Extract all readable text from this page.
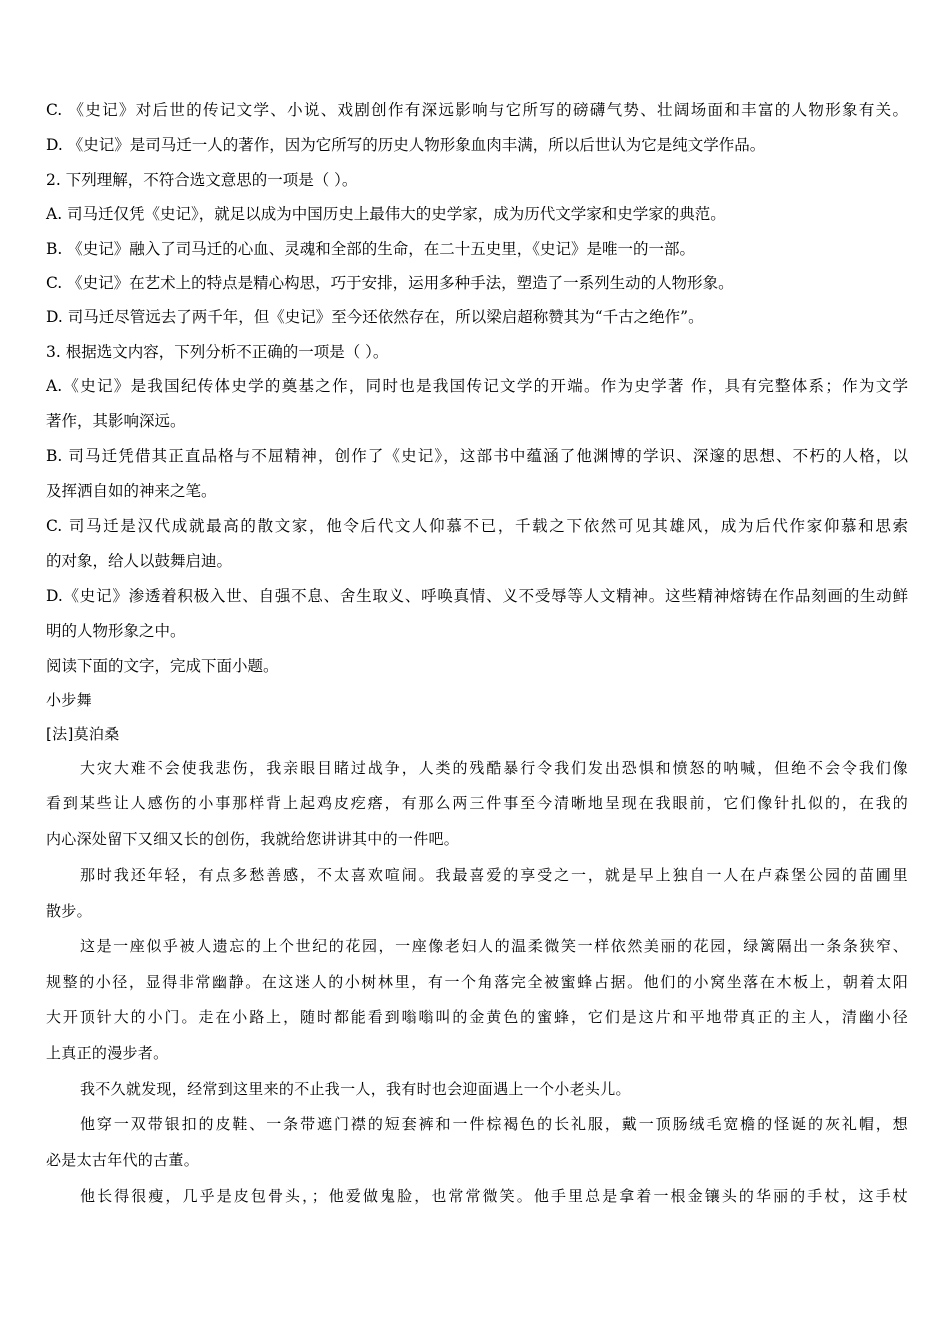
C. 《史记》对后世的传记文学、小说、戏剧创作有深远影响与它所写的磅礴气势、壮阔场面和丰富的人物形象有关。
D. 《史记》是司马迁一人的著作，因为它所写的历史人物形象血肉丰满，所以后世认为它是纯文学作品。
2. 下列理解，不符合选文意思的一项是（ ）。
A. 司马迁仅凭《史记》，就足以成为中国历史上最伟大的史学家，成为历代文学家和史学家的典范。
B. 《史记》融入了司马迁的心血、灵魂和全部的生命，在二十五史里，《史记》是唯一的一部。
C. 《史记》在艺术上的特点是精心构思，巧于安排，运用多种手法，塑造了一系列生动的人物形象。
D. 司马迁尽管远去了两千年，但《史记》至今还依然存在，所以梁启超称赞其为“千古之绝作”。
3. 根据选文内容，下列分析不正确的一项是（ ）。
A.《史记》是我国纪传体史学的奠基之作，同时也是我国传记文学的开端。作为史学著 作，具有完整体系；作为文学
著作，其影响深远。
B. 司马迁凭借其正直品格与不屈精神，创作了《史记》，这部书中蕴涵了他渊博的学识、深邃的思想、不朽的人格，以
及挥洒自如的神来之笔。
C. 司马迁是汉代成就最高的散文家，他令后代文人仰慕不已，千载之下依然可见其雄风，成为后代作家仰慕和思索
的对象，给人以鼓舞启迪。
D.《史记》渗透着积极入世、自强不息、舍生取义、呼唤真情、义不受辱等人文精神。这些精神熔铸在作品刻画的生动鲜
明的人物形象之中。
阅读下面的文字，完成下面小题。
小步舞
[法]莫泊桑
大灾大难不会使我悲伤，我亲眼目睹过战争，人类的残酷暴行令我们发出恐惧和愤怒的呐喊，但绝不会令我们像
看到某些让人感伤的小事那样背上起鸡皮疙瘩，有那么两三件事至今清晰地呈现在我眼前，它们像针扎似的，在我的
内心深处留下又细又长的创伤，我就给您讲讲其中的一件吧。
那时我还年轻，有点多愁善感，不太喜欢喧闹。我最喜爱的享受之一，就是早上独自一人在卢森堡公园的苗圃里
散步。
这是一座似乎被人遗忘的上个世纪的花园，一座像老妇人的温柔微笑一样依然美丽的花园，绿篱隔出一条条狭窄、
规整的小径，显得非常幽静。在这迷人的小树林里，有一个角落完全被蜜蜂占据。他们的小窝坐落在木板上，朝着太阳
大开顶针大的小门。走在小路上，随时都能看到嗡嗡叫的金黄色的蜜蜂，它们是这片和平地带真正的主人，清幽小径
上真正的漫步者。
我不久就发现，经常到这里来的不止我一人，我有时也会迎面遇上一个小老头儿。
他穿一双带银扣的皮鞋、一条带遮门襟的短套裤和一件棕褐色的长礼服，戴一顶肠绒毛宽檐的怪诞的灰礼帽，想
必是太古年代的古董。
他长得很瘦，几乎是皮包骨头，；他爱做鬼脸，也常常微笑。他手里总是拿着一根金镶头的华丽的手杖，这手杖
